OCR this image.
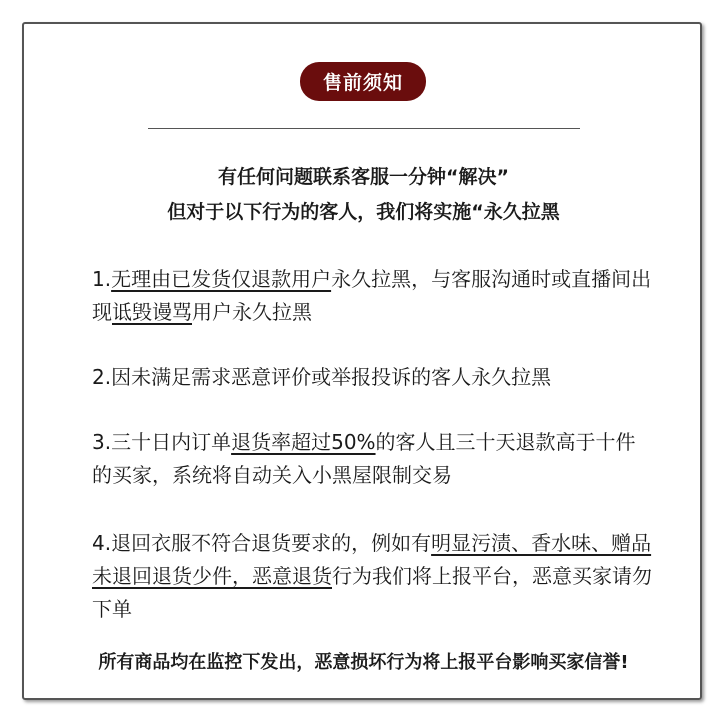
售前须知
有任何问题联系客服一分钟“解决”
但对于以下行为的客人，我们将实施“永久拉黑
1.无理由已发货仅退款用户永久拉黑，与客服沟通时或直播间出现诋毁谩骂用户永久拉黑
2.因未满足需求恶意评价或举报投诉的客人永久拉黑
3.三十日内订单退货率超过50%的客人且三十天退款高于十件的买家，系统将自动关入小黑屋限制交易
4.退回衣服不符合退货要求的，例如有明显污渍、香水味、赠品未退回退货少件，恶意退货行为我们将上报平台，恶意买家请勿下单
所有商品均在监控下发出，恶意损坏行为将上报平台影响买家信誉!
